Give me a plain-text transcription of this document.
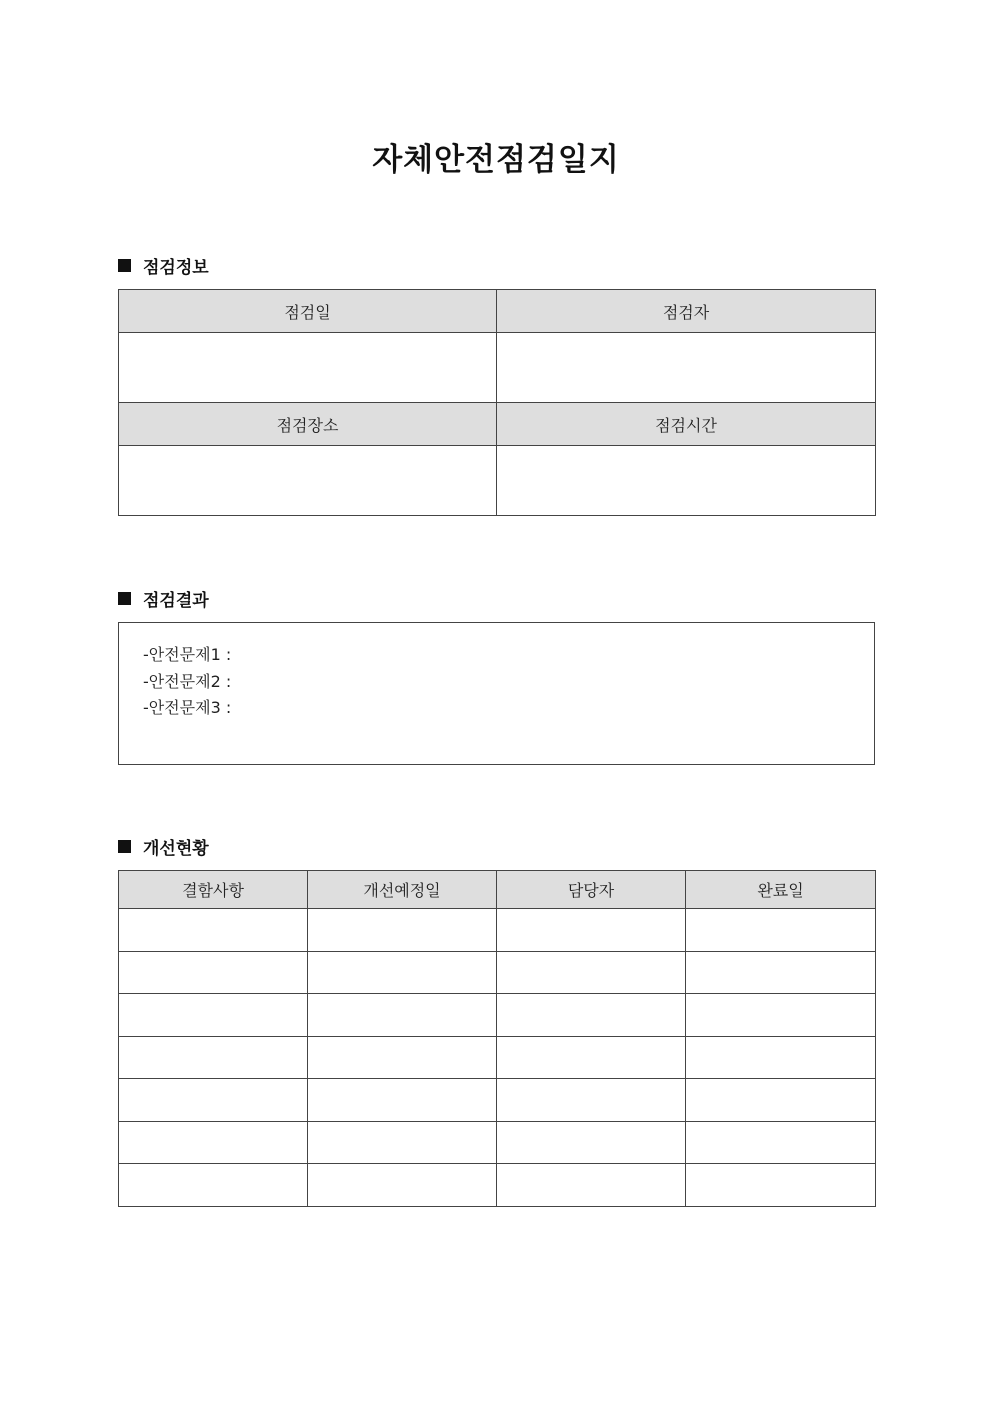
자체안전점검일지
점검정보
점검일	점검자

점검장소	점검시간

점검결과
-안전문제1 :
-안전문제2 :
-안전문제3 :
개선현황
결함사항	개선예정일	담당자	완료일
